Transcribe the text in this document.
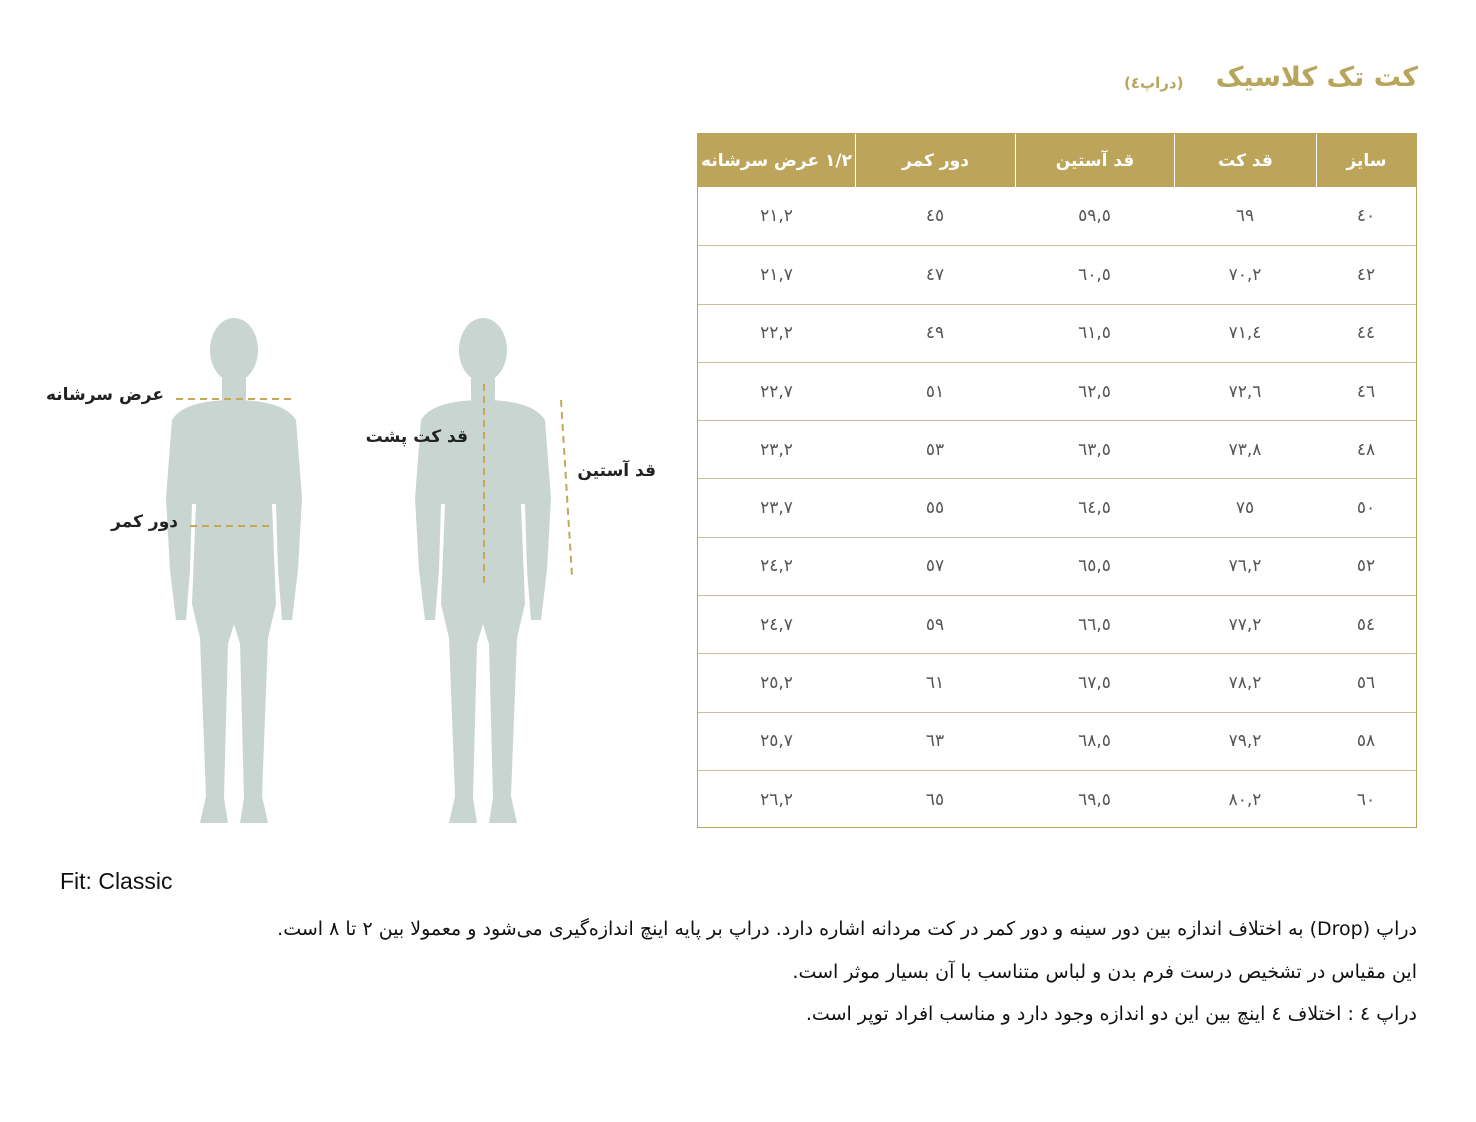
کت تک کلاسیک
(دراپ٤)
۱/۲ عرض سرشانه	دور کمر	قد آستین	قد کت	سایز
٢١,٢	٤٥	٥٩,٥	٦٩	٤٠
٢١,٧	٤٧	٦٠,٥	٧٠,٢	٤٢
٢٢,٢	٤٩	٦١,٥	٧١,٤	٤٤
٢٢,٧	٥١	٦٢,٥	٧٢,٦	٤٦
٢٣,٢	٥٣	٦٣,٥	٧٣,٨	٤٨
٢٣,٧	٥٥	٦٤,٥	٧٥	٥٠
٢٤,٢	٥٧	٦٥,٥	٧٦,٢	٥٢
٢٤,٧	٥٩	٦٦,٥	٧٧,٢	٥٤
٢٥,٢	٦١	٦٧,٥	٧٨,٢	٥٦
٢٥,٧	٦٣	٦٨,٥	٧٩,٢	٥٨
٢٦,٢	٦٥	٦٩,٥	٨٠,٢	٦٠
عرض سرشانه
دور کمر
قد کت پشت
قد آستین
Fit: Classic
دراپ (Drop) به اختلاف اندازه بین دور سینه و دور کمر در کت مردانه اشاره دارد. دراپ بر پایه اینچ اندازه‌گیری می‌شود و معمولا بین ۲ تا ۸ است.
این مقیاس در تشخیص درست فرم بدن و لباس متناسب با آن بسیار موثر است.
دراپ ٤ : اختلاف ٤ اینچ بین این دو اندازه وجود دارد و مناسب افراد توپر است.
